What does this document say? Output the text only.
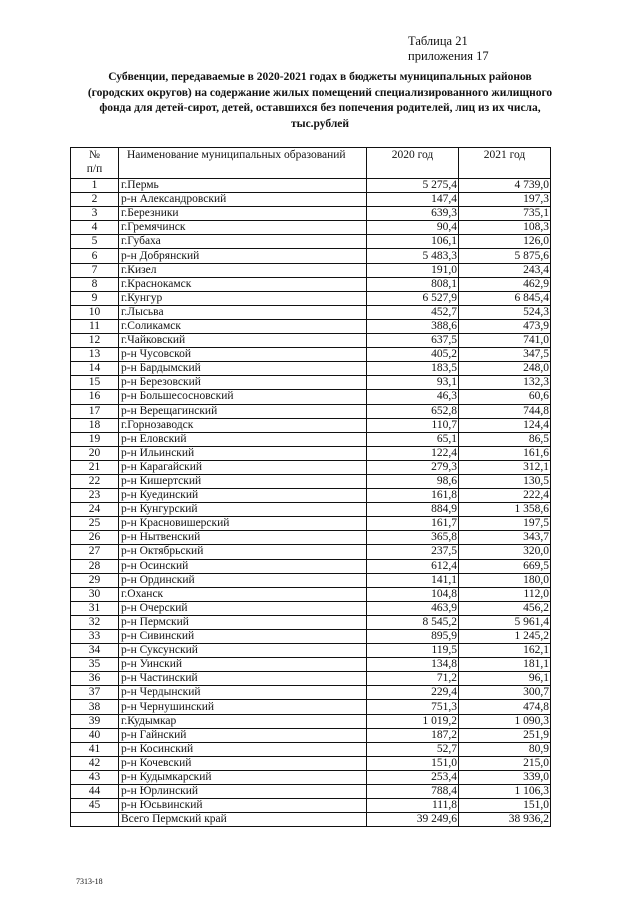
Таблица 21
приложения 17
Субвенции, передаваемые в 2020-2021 годах в бюджеты муниципальных районов
(городских округов) на содержание жилых помещений специализированного жилищного
фонда для детей-сирот, детей, оставшихся без попечения родителей, лиц из их числа,
тыс.рублей
№
п/п	Наименование муниципальных образований	2020 год	2021 год
1	г.Пермь	5 275,4	4 739,0
2	р-н Александровский	147,4	197,3
3	г.Березники	639,3	735,1
4	г.Гремячинск	90,4	108,3
5	г.Губаха	106,1	126,0
6	р-н Добрянский	5 483,3	5 875,6
7	г.Кизел	191,0	243,4
8	г.Краснокамск	808,1	462,9
9	г.Кунгур	6 527,9	6 845,4
10	г.Лысьва	452,7	524,3
11	г.Соликамск	388,6	473,9
12	г.Чайковский	637,5	741,0
13	р-н Чусовской	405,2	347,5
14	р-н Бардымский	183,5	248,0
15	р-н Березовский	93,1	132,3
16	р-н Большесосновский	46,3	60,6
17	р-н Верещагинский	652,8	744,8
18	г.Горнозаводск	110,7	124,4
19	р-н Еловский	65,1	86,5
20	р-н Ильинский	122,4	161,6
21	р-н Карагайский	279,3	312,1
22	р-н Кишертский	98,6	130,5
23	р-н Куединский	161,8	222,4
24	р-н Кунгурский	884,9	1 358,6
25	р-н Красновишерский	161,7	197,5
26	р-н Нытвенский	365,8	343,7
27	р-н Октябрьский	237,5	320,0
28	р-н Осинский	612,4	669,5
29	р-н Ординский	141,1	180,0
30	г.Оханск	104,8	112,0
31	р-н Очерский	463,9	456,2
32	р-н Пермский	8 545,2	5 961,4
33	р-н Сивинский	895,9	1 245,2
34	р-н Суксунский	119,5	162,1
35	р-н Уинский	134,8	181,1
36	р-н Частинский	71,2	96,1
37	р-н Чердынский	229,4	300,7
38	р-н Чернушинский	751,3	474,8
39	г.Кудымкар	1 019,2	1 090,3
40	р-н Гайнский	187,2	251,9
41	р-н Косинский	52,7	80,9
42	р-н Кочевский	151,0	215,0
43	р-н Кудымкарский	253,4	339,0
44	р-н Юрлинский	788,4	1 106,3
45	р-н Юсьвинский	111,8	151,0
	Всего Пермский край	39 249,6	38 936,2
7313-18
